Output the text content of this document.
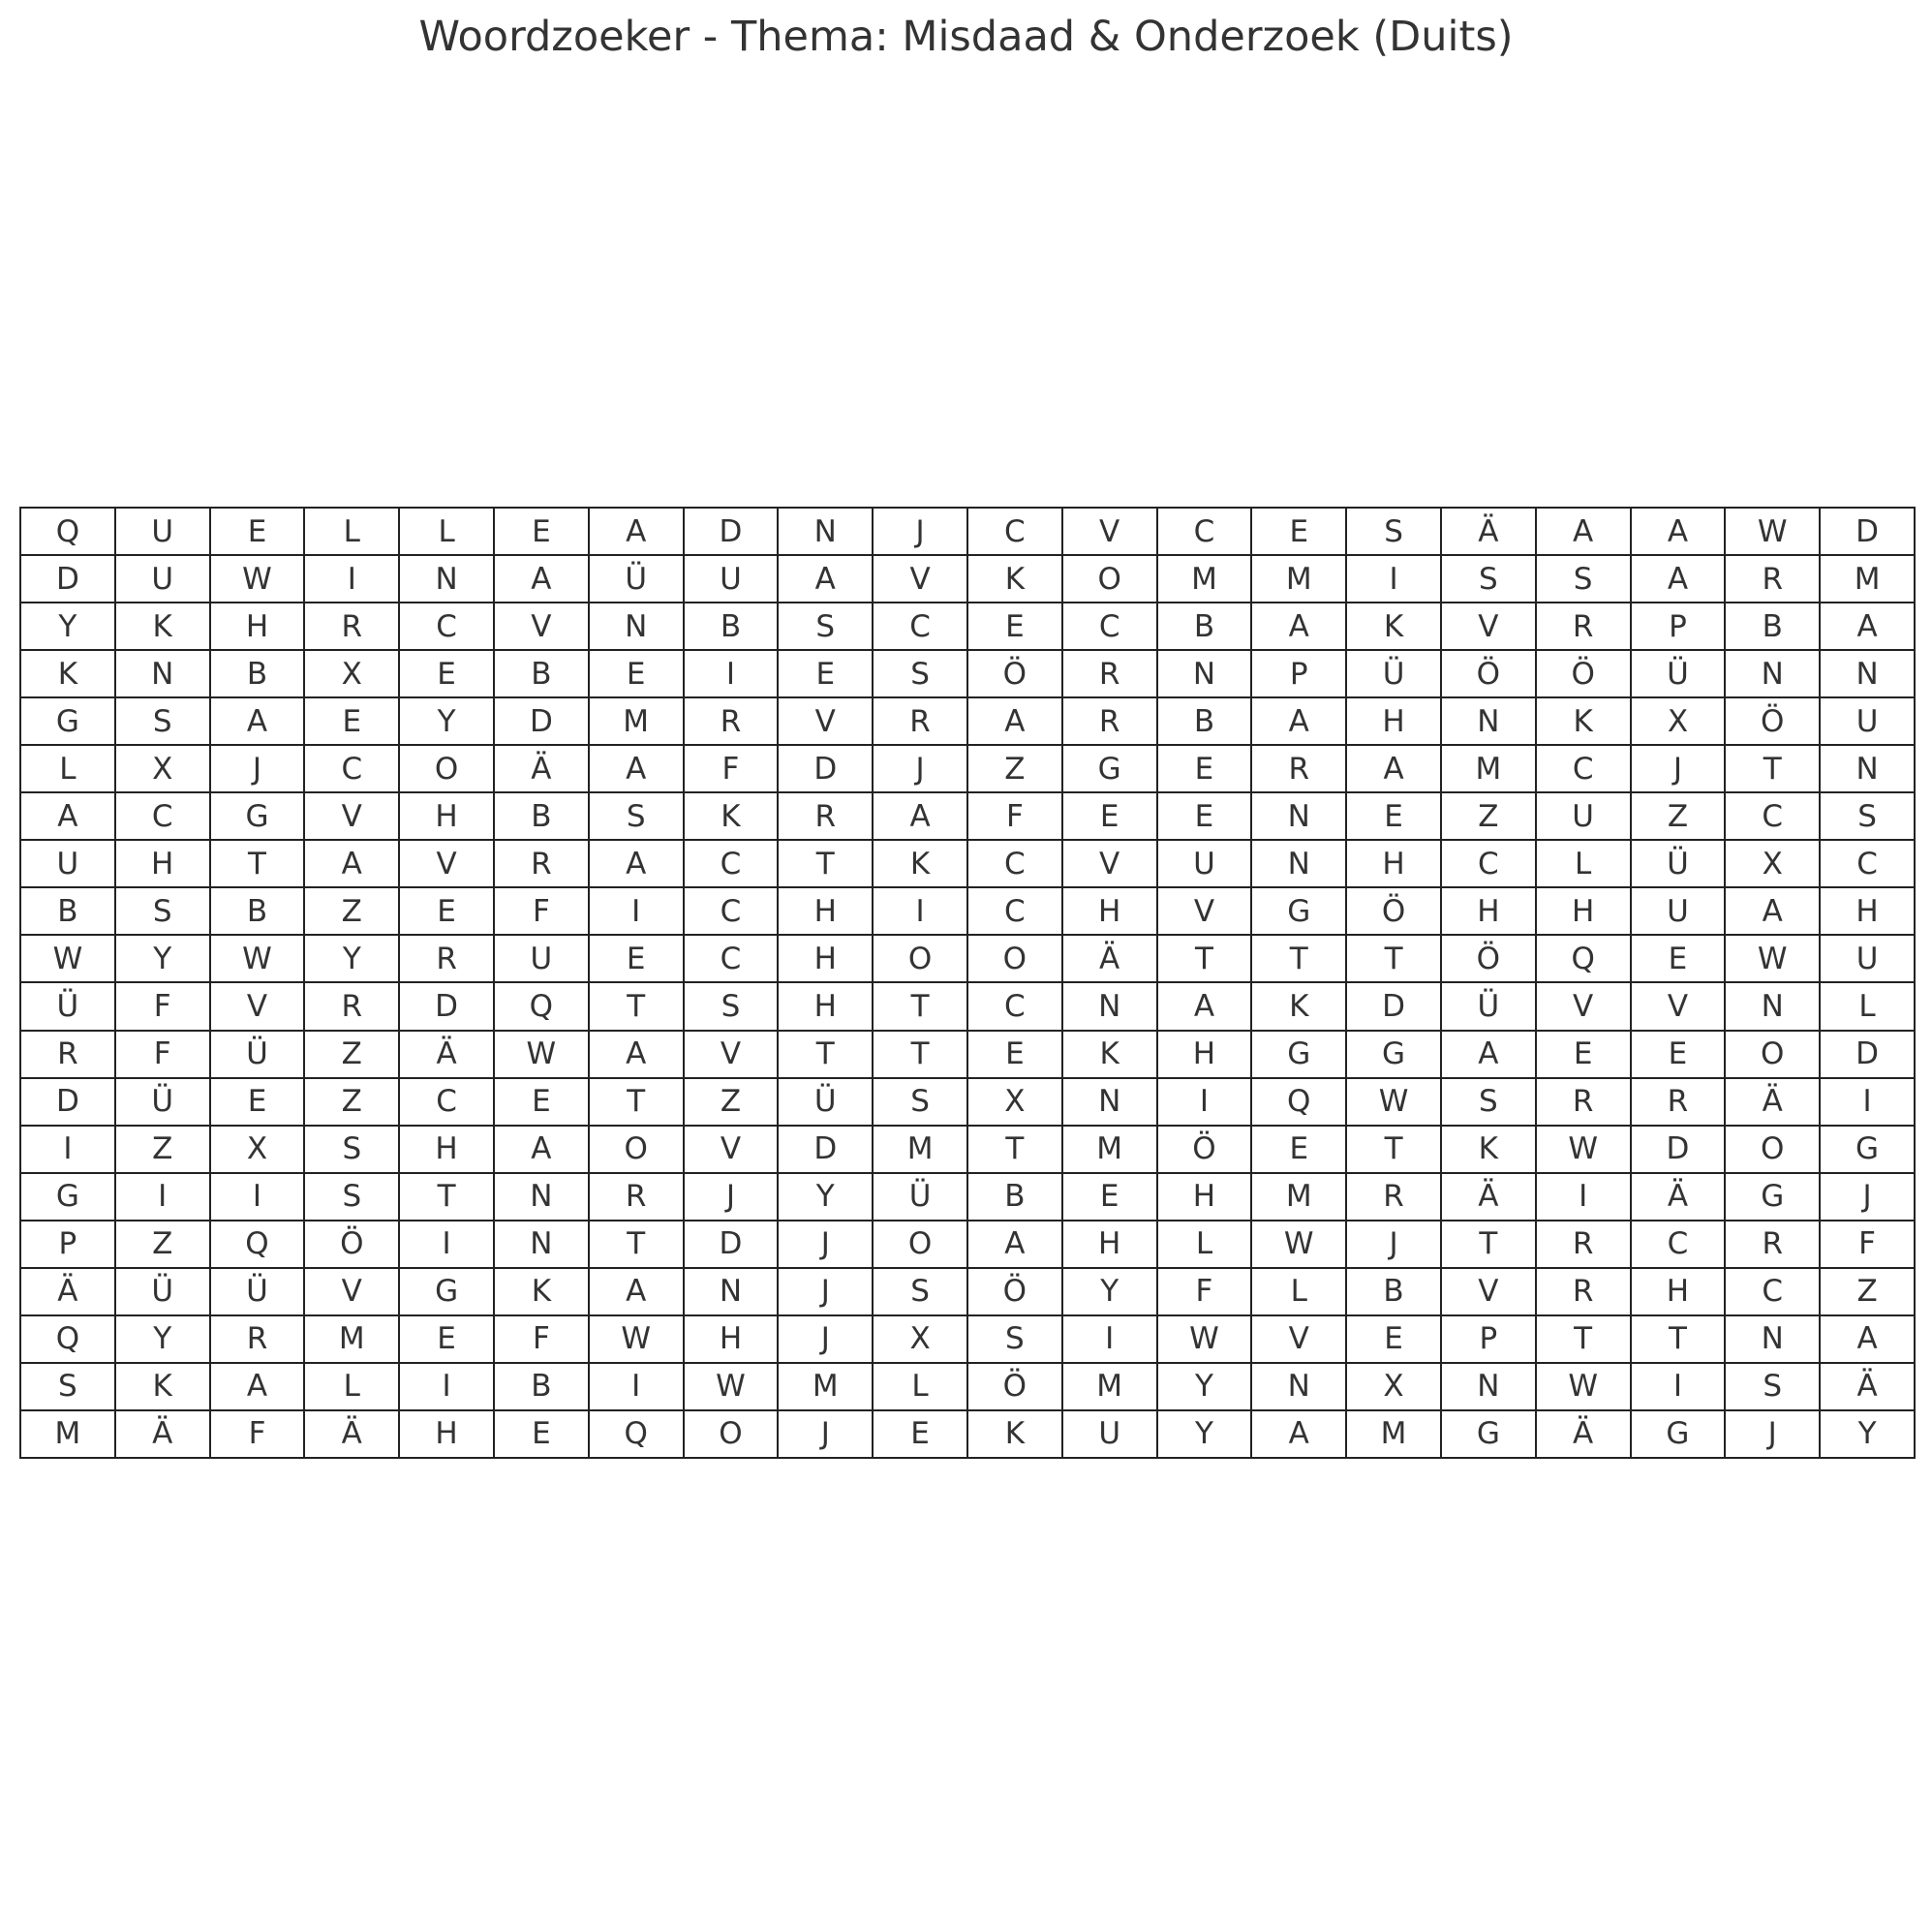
Woordzoeker - Thema: Misdaad & Onderzoek (Duits)
Q	U	E	L	L	E	A	D	N	J	C	V	C	E	S	Ä	A	A	W	D
D	U	W	I	N	A	Ü	U	A	V	K	O	M	M	I	S	S	A	R	M
Y	K	H	R	C	V	N	B	S	C	E	C	B	A	K	V	R	P	B	A
K	N	B	X	E	B	E	I	E	S	Ö	R	N	P	Ü	Ö	Ö	Ü	N	N
G	S	A	E	Y	D	M	R	V	R	A	R	B	A	H	N	K	X	Ö	U
L	X	J	C	O	Ä	A	F	D	J	Z	G	E	R	A	M	C	J	T	N
A	C	G	V	H	B	S	K	R	A	F	E	E	N	E	Z	U	Z	C	S
U	H	T	A	V	R	A	C	T	K	C	V	U	N	H	C	L	Ü	X	C
B	S	B	Z	E	F	I	C	H	I	C	H	V	G	Ö	H	H	U	A	H
W	Y	W	Y	R	U	E	C	H	O	O	Ä	T	T	T	Ö	Q	E	W	U
Ü	F	V	R	D	Q	T	S	H	T	C	N	A	K	D	Ü	V	V	N	L
R	F	Ü	Z	Ä	W	A	V	T	T	E	K	H	G	G	A	E	E	O	D
D	Ü	E	Z	C	E	T	Z	Ü	S	X	N	I	Q	W	S	R	R	Ä	I
I	Z	X	S	H	A	O	V	D	M	T	M	Ö	E	T	K	W	D	O	G
G	I	I	S	T	N	R	J	Y	Ü	B	E	H	M	R	Ä	I	Ä	G	J
P	Z	Q	Ö	I	N	T	D	J	O	A	H	L	W	J	T	R	C	R	F
Ä	Ü	Ü	V	G	K	A	N	J	S	Ö	Y	F	L	B	V	R	H	C	Z
Q	Y	R	M	E	F	W	H	J	X	S	I	W	V	E	P	T	T	N	A
S	K	A	L	I	B	I	W	M	L	Ö	M	Y	N	X	N	W	I	S	Ä
M	Ä	F	Ä	H	E	Q	O	J	E	K	U	Y	A	M	G	Ä	G	J	Y
